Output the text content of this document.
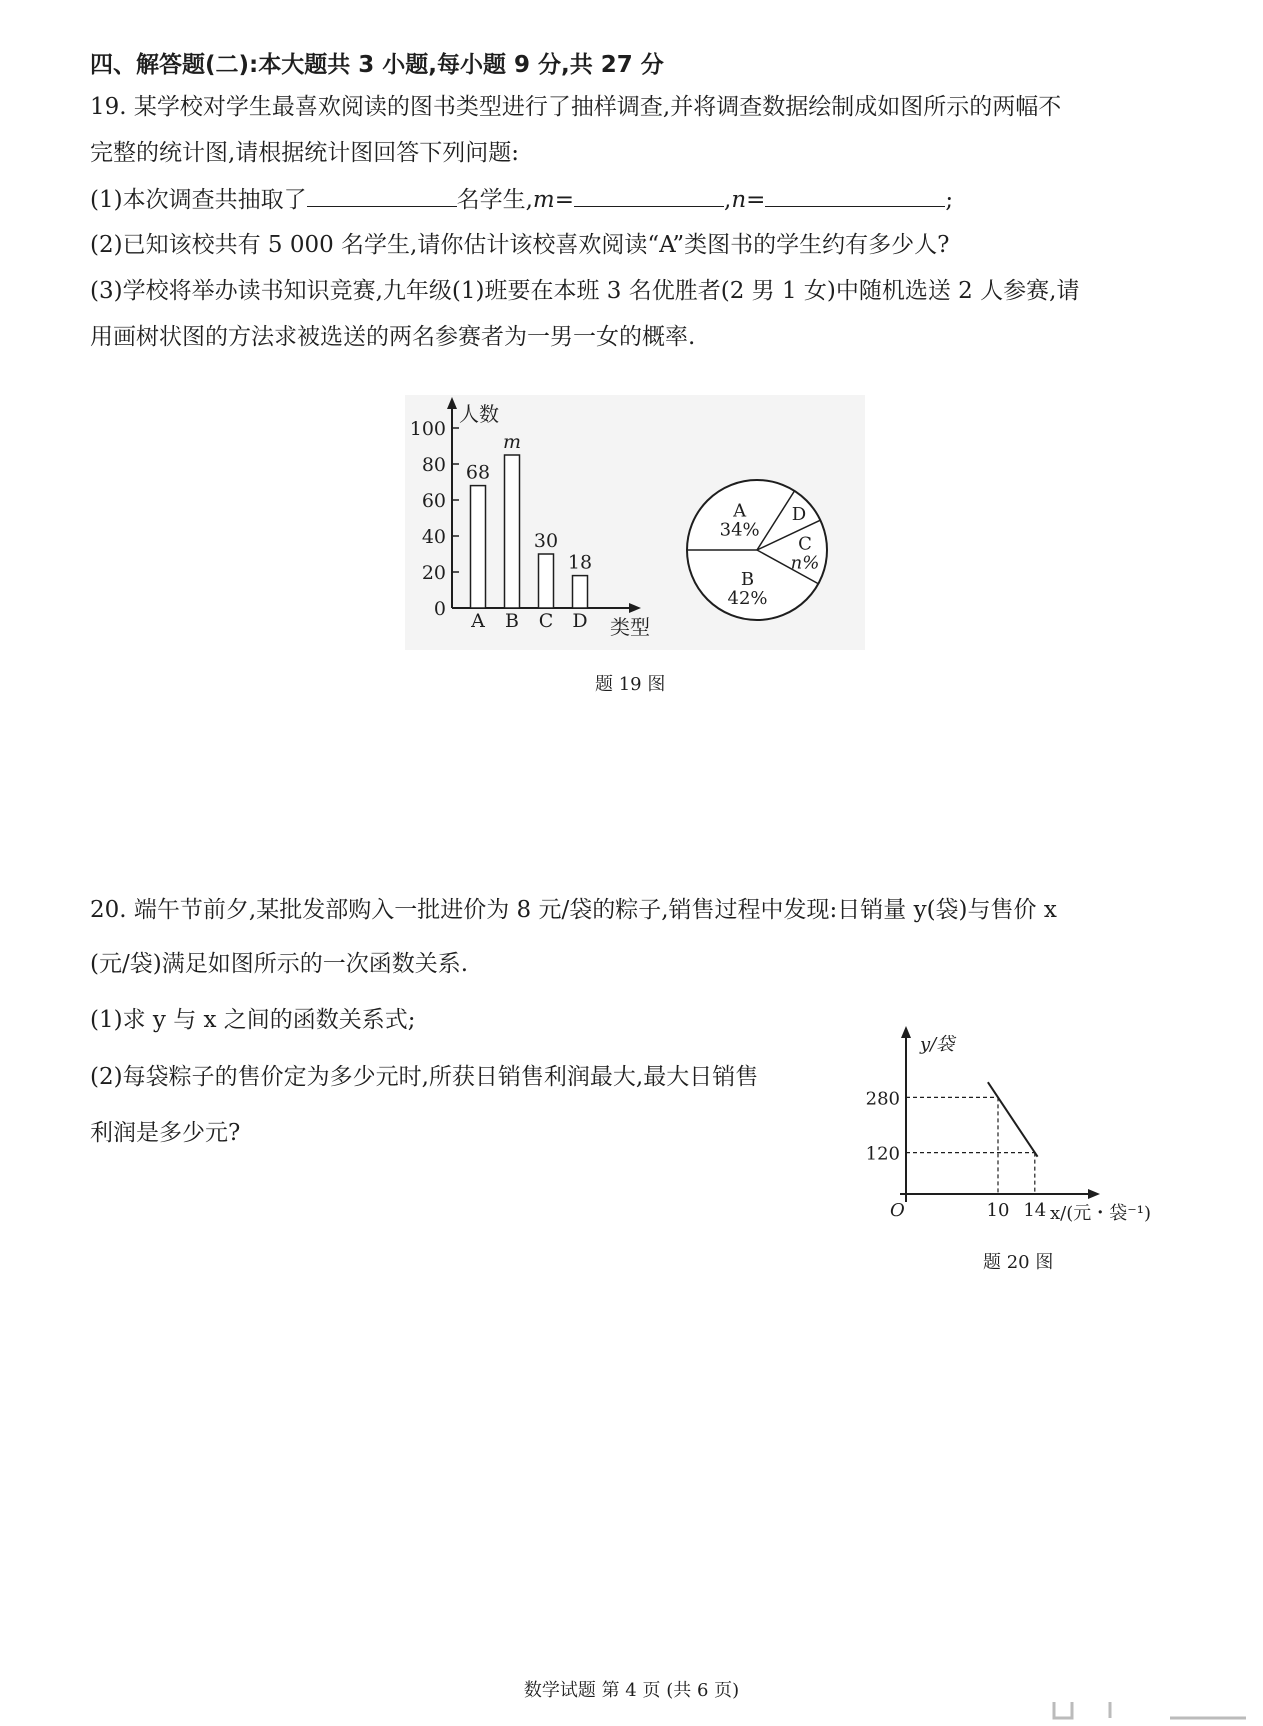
四、解答题(二):本大题共 3 小题,每小题 9 分,共 27 分
19. 某学校对学生最喜欢阅读的图书类型进行了抽样调查,并将调查数据绘制成如图所示的两幅不
完整的统计图,请根据统计图回答下列问题:
(1)本次调查共抽取了	名学生,m=	,n=	;
(2)已知该校共有 5 000 名学生,请你估计该校喜欢阅读“A”类图书的学生约有多少人?
(3)学校将举办读书知识竞赛,九年级(1)班要在本班 3 名优胜者(2 男 1 女)中随机选送 2 人参赛,请
用画树状图的方法求被选送的两名参赛者为一男一女的概率.
人数
类型
0
20
40
60
80
100
A
68
B
m
C
30
D
18
A
34%
D
C
n%
B
42%
题 19 图
20. 端午节前夕,某批发部购入一批进价为 8 元/袋的粽子,销售过程中发现:日销量 y(袋)与售价 x
(元/袋)满足如图所示的一次函数关系.
(1)求 y 与 x 之间的函数关系式;
(2)每袋粽子的售价定为多少元时,所获日销售利润最大,最大日销售
利润是多少元?
y/袋
x/(元・袋⁻¹)
O
120
280
10 14
题 20 图
数学试题 第 4 页 (共 6 页)
